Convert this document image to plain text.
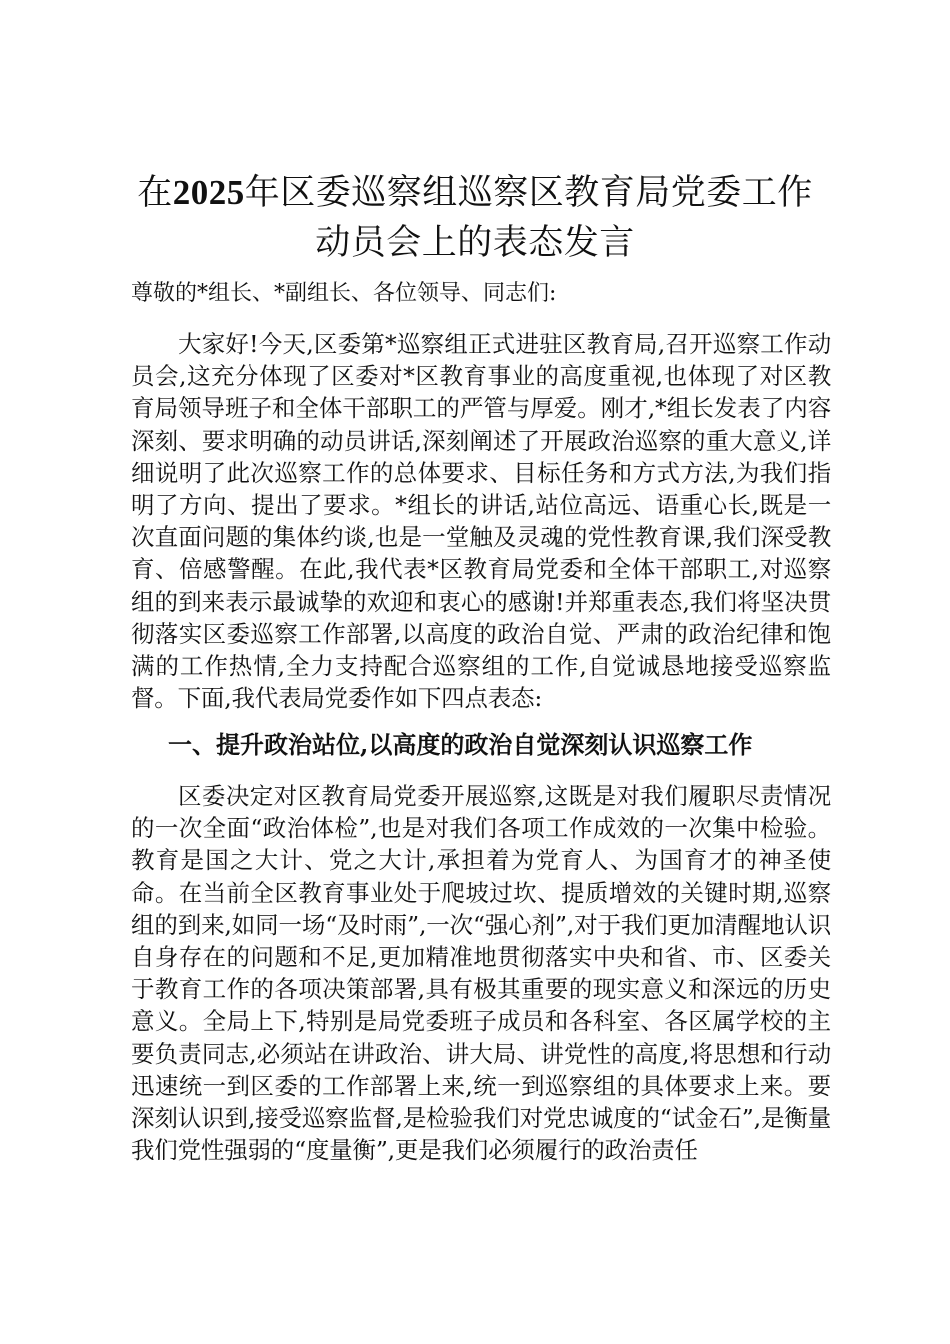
在2025年区委巡察组巡察区教育局党委工作动员会上的表态发言

尊敬的*组长、*副组长、各位领导、同志们:

大家好!今天,区委第*巡察组正式进驻区教育局,召开巡察工作动员会,这充分体现了区委对*区教育事业的高度重视,也体现了对区教育局领导班子和全体干部职工的严管与厚爱。刚才,*组长发表了内容深刻、要求明确的动员讲话,深刻阐述了开展政治巡察的重大意义,详细说明了此次巡察工作的总体要求、目标任务和方式方法,为我们指明了方向、提出了要求。*组长的讲话,站位高远、语重心长,既是一次直面问题的集体约谈,也是一堂触及灵魂的党性教育课,我们深受教育、倍感警醒。在此,我代表*区教育局党委和全体干部职工,对巡察组的到来表示最诚挚的欢迎和衷心的感谢!并郑重表态,我们将坚决贯彻落实区委巡察工作部署,以高度的政治自觉、严肃的政治纪律和饱满的工作热情,全力支持配合巡察组的工作,自觉诚恳地接受巡察监督。下面,我代表局党委作如下四点表态:

一、提升政治站位,以高度的政治自觉深刻认识巡察工作

区委决定对区教育局党委开展巡察,这既是对我们履职尽责情况的一次全面“政治体检”,也是对我们各项工作成效的一次集中检验。教育是国之大计、党之大计,承担着为党育人、为国育才的神圣使命。在当前全区教育事业处于爬坡过坎、提质增效的关键时期,巡察组的到来,如同一场“及时雨”,一次“强心剂”,对于我们更加清醒地认识自身存在的问题和不足,更加精准地贯彻落实中央和省、市、区委关于教育工作的各项决策部署,具有极其重要的现实意义和深远的历史意义。全局上下,特别是局党委班子成员和各科室、各区属学校的主要负责同志,必须站在讲政治、讲大局、讲党性的高度,将思想和行动迅速统一到区委的工作部署上来,统一到巡察组的具体要求上来。要深刻认识到,接受巡察监督,是检验我们对党忠诚度的“试金石”,是衡量我们党性强弱的“度量衡”,更是我们必须履行的政治责任
